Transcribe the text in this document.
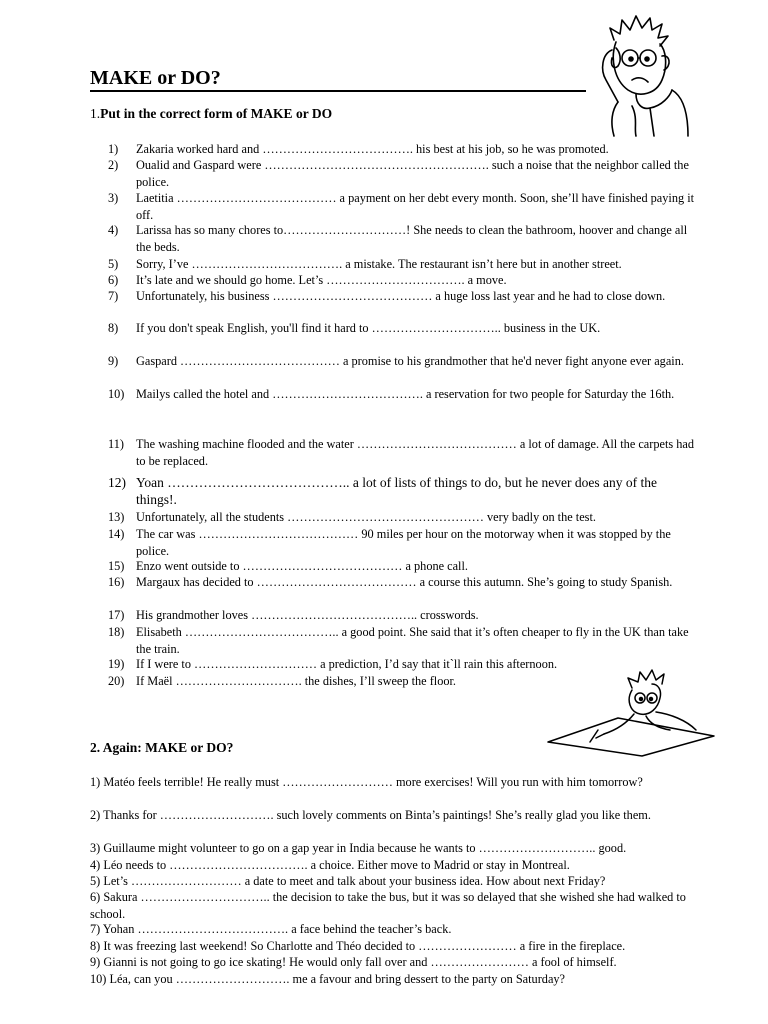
MAKE or DO?
1.Put in the correct form of MAKE or DO
1)	Zakaria worked hard and ………………………………. his best at his job, so he was promoted.
2)	Oualid and Gaspard were ………………………………………………. such a noise that the neighbor called the police.
3)	Laetitia ………………………………… a payment on her debt every month. Soon, she’ll have finished paying it off.
4)	Larissa has so many chores to…………………………! She needs to clean the bathroom, hoover and change all the beds.
5)	Sorry, I’ve ………………………………. a mistake. The restaurant isn’t here but in another street.
6)	It’s late and we should go home. Let’s ……………………………. a move.
7)	Unfortunately, his business ………………………………… a huge loss last year and he had to close down.
8)	If you don't speak English, you'll find it hard to ………………………….. business in the UK.
9)	Gaspard ………………………………… a promise to his grandmother that he'd never fight anyone ever again.
10) Mailys called the hotel and ………………………………. a reservation for two people for Saturday the 16th.
11) The washing machine flooded and the water ………………………………… a lot of damage. All the carpets had to be replaced.
12) Yoan ………………………………….. a lot of lists of things to do, but he never does any of the things!.
13) Unfortunately, all the students ………………………………………… very badly on the test.
14) The car was ………………………………… 90 miles per hour on the motorway when it was stopped by the police.
15) Enzo went outside to ………………………………… a phone call.
16) Margaux has decided to ………………………………… a course this autumn. She’s going to study Spanish.
17) His grandmother loves ………………………………….. crosswords.
18) Elisabeth ……………………………….. a good point. She said that it’s often cheaper to fly in the UK than take the train.
19) If I were to ………………………… a prediction, I’d say that it`ll rain this afternoon.
20) If Maël …………………………. the dishes, I’ll sweep the floor.
2. Again: MAKE or DO?
1) Matéo feels terrible! He really must ……………………… more exercises! Will you run with him tomorrow?
2) Thanks for ………………………. such lovely comments on Binta’s paintings! She’s really glad you like them.
3) Guillaume might volunteer to go on a gap year in India because he wants to ……………………….. good.
4) Léo needs to ……………………………. a choice. Either move to Madrid or stay in Montreal.
5) Let’s ……………………… a date to meet and talk about your business idea. How about next Friday?
6) Sakura ………………………….. the decision to take the bus, but it was so delayed that she wished she had walked to school.
7) Yohan ………………………………. a face behind the teacher’s back.
8) It was freezing last weekend! So Charlotte and Théo decided to …………………… a fire in the fireplace.
9) Gianni is not going to go ice skating! He would only fall over and …………………… a fool of himself.
10) Léa, can you ………………………. me a favour and bring dessert to the party on Saturday?
